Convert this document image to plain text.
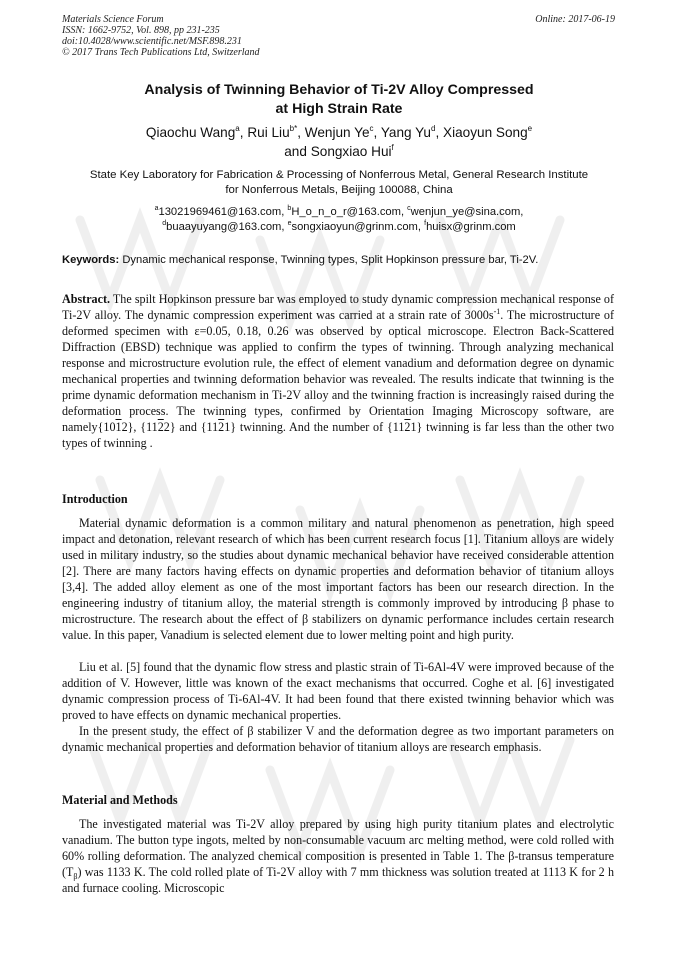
Materials Science Forum
ISSN: 1662-9752, Vol. 898, pp 231-235
doi:10.4028/www.scientific.net/MSF.898.231
© 2017 Trans Tech Publications Ltd, Switzerland
Online: 2017-06-19
Analysis of Twinning Behavior of Ti-2V Alloy Compressed
at High Strain Rate
Qiaochu Wang$^a$, Rui Liu$^{b*}$, Wenjun Ye$^c$, Yang Yu$^d$, Xiaoyun Song$^e$
and Songxiao Hui$^f$
State Key Laboratory for Fabrication & Processing of Nonferrous Metal, General Research Institute
for Nonferrous Metals, Beijing 100088, China
$^a$13021969461@163.com, $^b$H_o_n_o_r@163.com, $^c$wenjun_ye@sina.com,
$^d$buaayuyang@163.com, $^e$songxiaoyun@grinm.com, $^f$huisx@grinm.com
Keywords: Dynamic mechanical response, Twinning types, Split Hopkinson pressure bar, Ti-2V.
Abstract. The spilt Hopkinson pressure bar was employed to study dynamic compression mechanical response of Ti-2V alloy. The dynamic compression experiment was carried at a strain rate of $3000s^{-1}$. The microstructure of deformed specimen with ε=0.05, 0.18, 0.26 was observed by optical microscope. Electron Back-Scattered Diffraction (EBSD) technique was applied to confirm the types of twinning. Through analyzing mechanical response and microstructure evolution rule, the effect of element vanadium and deformation degree on dynamic mechanical properties and twinning deformation behavior was revealed. The results indicate that twinning is the prime dynamic deformation mechanism in Ti-2V alloy and the twinning fraction is increasingly raised during the deformation process. The twinning types, confirmed by Orientation Imaging Microscopy software, are namely{1012}, {1122} and {1121} twinning. And the number of {1121} twinning is far less than the other two types of twinning .
Introduction
Material dynamic deformation is a common military and natural phenomenon as penetration, high speed impact and detonation, relevant research of which has been current research focus [1]. Titanium alloys are widely used in military industry, so the studies about dynamic mechanical behavior have received considerable attention [2]. There are many factors having effects on dynamic properties and deformation behavior of titanium alloys [3,4]. The added alloy element as one of the most important factors has been our research direction. In the engineering industry of titanium alloy, the material strength is commonly improved by introducing β phase to microstructure. The research about the effect of β stabilizers on dynamic performance includes certain research value. In this paper, Vanadium is selected element due to lower melting point and high purity.
Liu et al. [5] found that the dynamic flow stress and plastic strain of Ti-6Al-4V were improved because of the addition of V. However, little was known of the exact mechanisms that occurred. Coghe et al. [6] investigated dynamic compression process of Ti-6Al-4V. It had been found that there existed twinning behavior which was proved to have effects on dynamic mechanical properties.
In the present study, the effect of β stabilizer V and the deformation degree as two important parameters on dynamic mechanical properties and deformation behavior of titanium alloys are research emphasis.
Material and Methods
The investigated material was Ti-2V alloy prepared by using high purity titanium plates and electrolytic vanadium. The button type ingots, melted by non-consumable vacuum arc melting method, were cold rolled with 60% rolling deformation. The analyzed chemical composition is presented in Table 1. The β-transus temperature $(T_\beta)$ was 1133 K. The cold rolled plate of Ti-2V alloy with 7 mm thickness was solution treated at 1113 K for 2 h and furnace cooling. Microscopic
